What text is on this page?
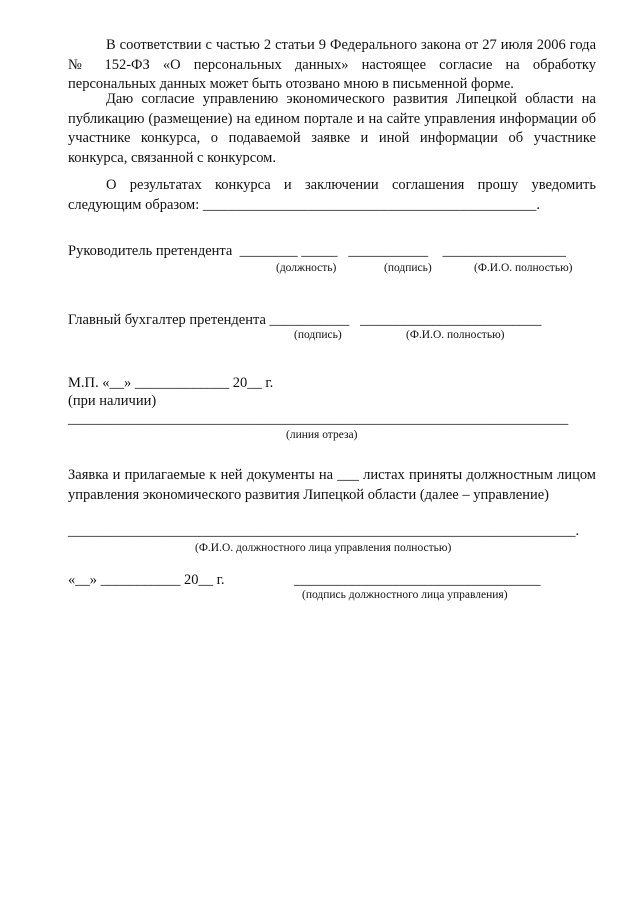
В соответствии с частью 2 статьи 9 Федерального закона от 27 июля 2006 года № 152-ФЗ «О персональных данных» настоящее согласие на обработку персональных данных может быть отозвано мною в письменной форме.
Даю согласие управлению экономического развития Липецкой области на публикацию (размещение) на едином портале и на сайте управления информации об участнике конкурса, о подаваемой заявке и иной информации об участнике конкурса, связанной с конкурсом.
О результатах конкурса и заключении соглашения прошу уведомить следующим образом: ______________________________________________.
Руководитель претендента  ________ _____   ___________    _________________
(должность)	(подпись)	(Ф.И.О. полностью)
Главный бухгалтер претендента ___________   _________________________
(подпись)	(Ф.И.О. полностью)
М.П. «__» _____________ 20__ г.
(при наличии)
_____________________________________________________________________
(линия отреза)
Заявка и прилагаемые к ней документы на ___ листах приняты должностным лицом управления экономического развития Липецкой области (далее – управление)
______________________________________________________________________.
(Ф.И.О. должностного лица управления полностью)
«__» ___________ 20__ г.	__________________________________
(подпись должностного лица управления)
